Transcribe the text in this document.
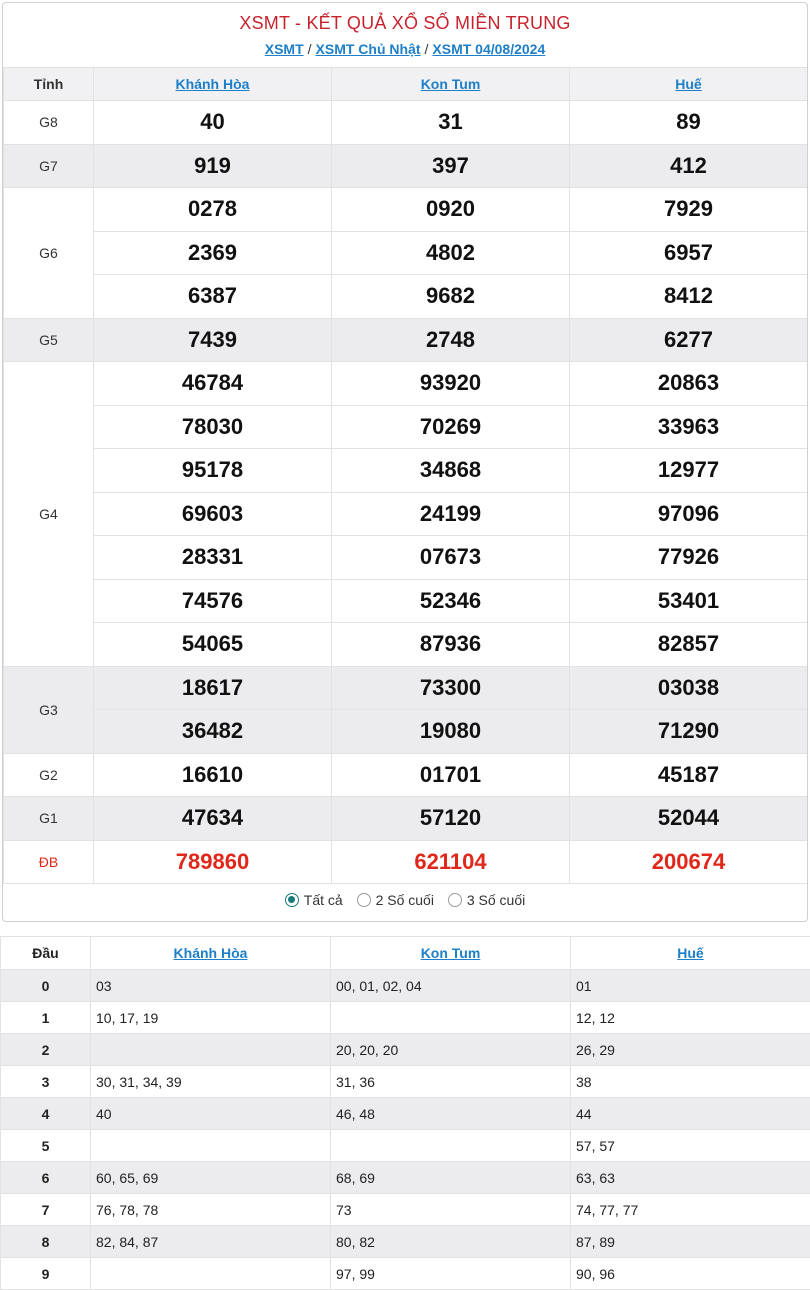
XSMT - KẾT QUẢ XỔ SỐ MIỀN TRUNG
XSMT / XSMT Chủ Nhật / XSMT 04/08/2024
Tỉnh	Khánh Hòa	Kon Tum	Huế
G8	40	31	89
G7	919	397	412
G6	0278	0920	7929
	2369	4802	6957
	6387	9682	8412
G5	7439	2748	6277
G4	46784	93920	20863
	78030	70269	33963
	95178	34868	12977
	69603	24199	97096
	28331	07673	77926
	74576	52346	53401
	54065	87936	82857
G3	18617	73300	03038
	36482	19080	71290
G2	16610	01701	45187
G1	47634	57120	52044
ĐB	789860	621104	200674
Tất cả 2 Số cuối 3 Số cuối
Đầu	Khánh Hòa	Kon Tum	Huế
0	03	00, 01, 02, 04	01
1	10, 17, 19		12, 12
2		20, 20, 20	26, 29
3	30, 31, 34, 39	31, 36	38
4	40	46, 48	44
5			57, 57
6	60, 65, 69	68, 69	63, 63
7	76, 78, 78	73	74, 77, 77
8	82, 84, 87	80, 82	87, 89
9		97, 99	90, 96
